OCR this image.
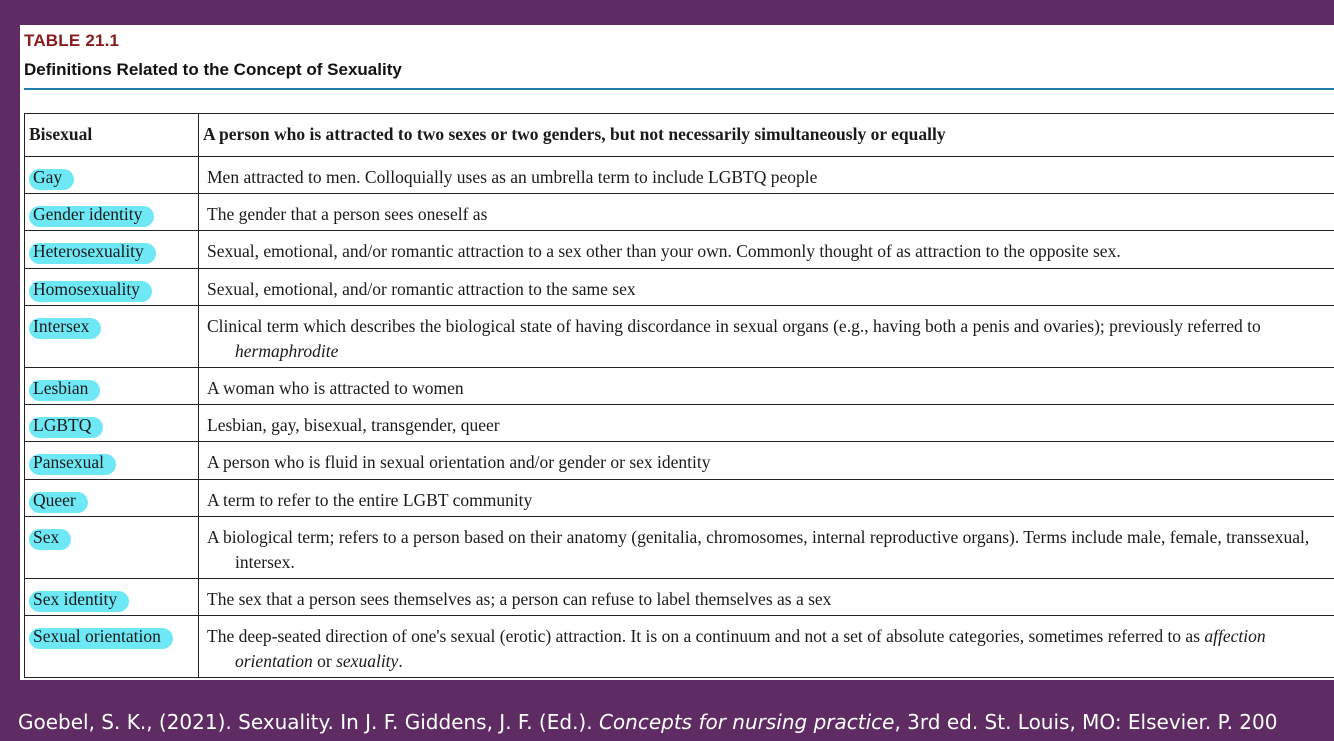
TABLE 21.1
Definitions Related to the Concept of Sexuality
Bisexual	A person who is attracted to two sexes or two genders, but not necessarily simultaneously or equally
Gay	Men attracted to men. Colloquially uses as an umbrella term to include LGBTQ people

Gender identity	The gender that a person sees oneself as

Heterosexuality	Sexual, emotional, and/or romantic attraction to a sex other than your own. Commonly thought of as attraction to the opposite sex.

Homosexuality	Sexual, emotional, and/or romantic attraction to the same sex

Intersex	Clinical term which describes the biological state of having discordance in sexual organs (e.g., having both a penis and ovaries); previously referred to hermaphrodite

Lesbian	A woman who is attracted to women

LGBTQ	Lesbian, gay, bisexual, transgender, queer

Pansexual	A person who is fluid in sexual orientation and/or gender or sex identity

Queer	A term to refer to the entire LGBT community

Sex	A biological term; refers to a person based on their anatomy (genitalia, chromosomes, internal reproductive organs). Terms include male, female, transsexual, intersex.

Sex identity	The sex that a person sees themselves as; a person can refuse to label themselves as a sex

Sexual orientation	The deep-seated direction of one's sexual (erotic) attraction. It is on a continuum and not a set of absolute categories, sometimes referred to as affection orientation or sexuality.
Goebel, S. K., (2021). Sexuality. In J. F. Giddens, J. F. (Ed.). Concepts for nursing practice, 3rd ed. St. Louis, MO: Elsevier. P. 200
